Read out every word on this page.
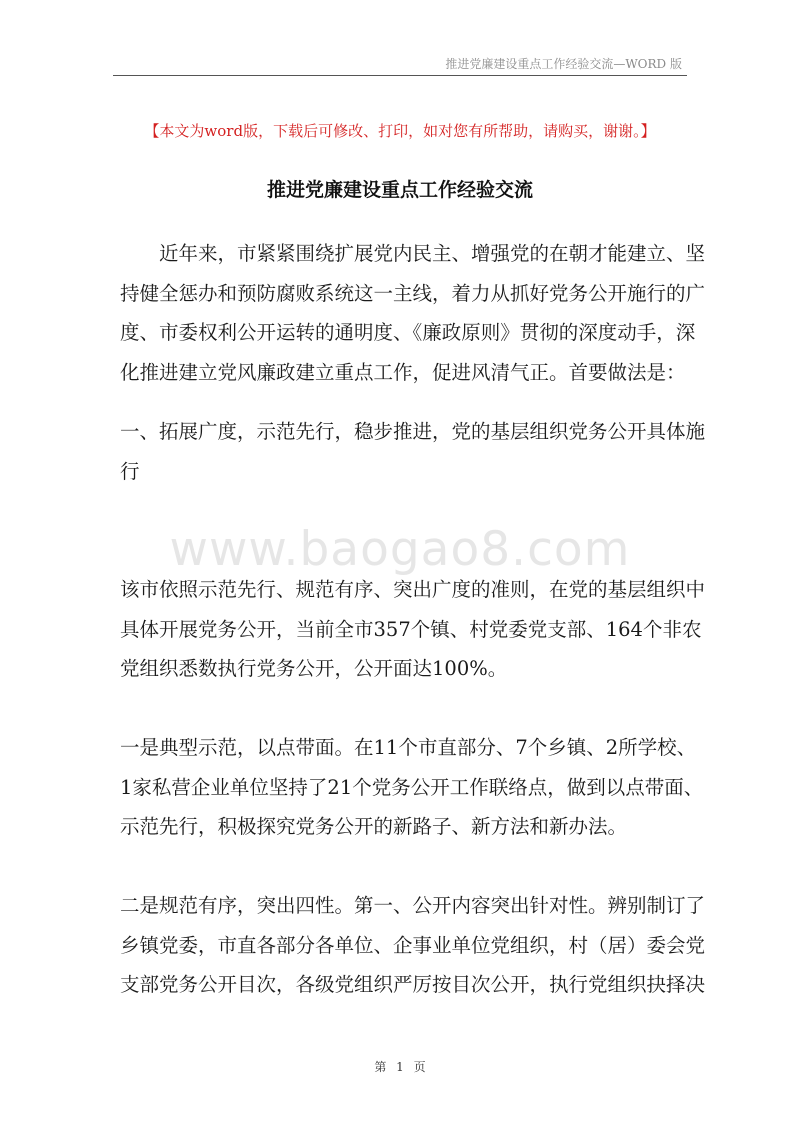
推进党廉建设重点工作经验交流—WORD 版
【本文为word版，下载后可修改、打印，如对您有所帮助，请购买，谢谢。】
推进党廉建设重点工作经验交流
www.baogao8.com
　　近年来，市紧紧围绕扩展党内民主、增强党的在朝才能建立、坚
持健全惩办和预防腐败系统这一主线，着力从抓好党务公开施行的广
度、市委权利公开运转的通明度、《廉政原则》贯彻的深度动手，深
化推进建立党风廉政建立重点工作，促进风清气正。首要做法是：
一、拓展广度，示范先行，稳步推进，党的基层组织党务公开具体施
行
该市依照示范先行、规范有序、突出广度的准则，在党的基层组织中
具体开展党务公开，当前全市357个镇、村党委党支部、164个非农
党组织悉数执行党务公开，公开面达100%。
一是典型示范，以点带面。在11个市直部分、7个乡镇、2所学校、
1家私营企业单位坚持了21个党务公开工作联络点，做到以点带面、
示范先行，积极探究党务公开的新路子、新方法和新办法。
二是规范有序，突出四性。第一、公开内容突出针对性。辨别制订了
乡镇党委，市直各部分各单位、企事业单位党组织，村（居）委会党
支部党务公开目次，各级党组织严厉按目次公开，执行党组织抉择决
第 1 页
